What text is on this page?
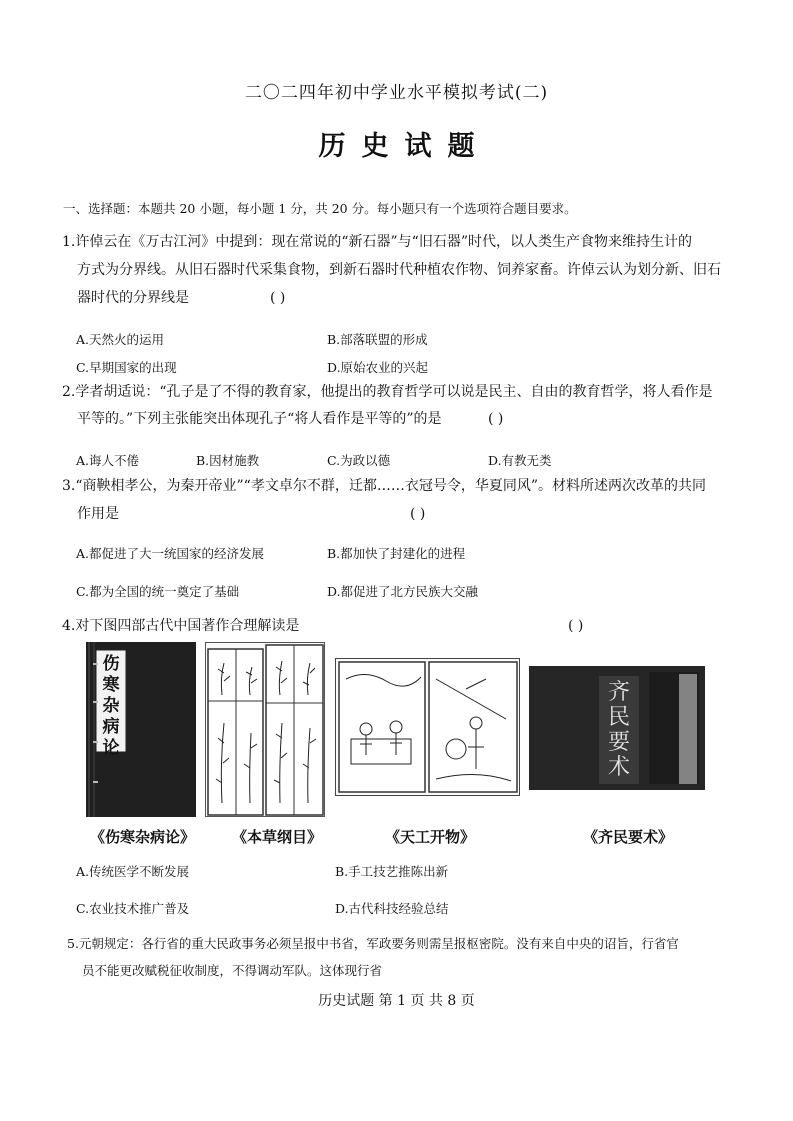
二〇二四年初中学业水平模拟考试(二)
历史试题
一、选择题：本题共 20 小题，每小题 1 分，共 20 分。每小题只有一个选项符合题目要求。
1.许倬云在《万古江河》中提到：现在常说的“新石器”与“旧石器”时代，以人类生产食物来维持生计的
方式为分界线。从旧石器时代采集食物，到新石器时代种植农作物、饲养家畜。许倬云认为划分新、旧石
器时代的分界线是	( )
A.天然火的运用	B.部落联盟的形成
C.早期国家的出现	D.原始农业的兴起
2.学者胡适说：“孔子是了不得的教育家，他提出的教育哲学可以说是民主、自由的教育哲学，将人看作是
平等的。”下列主张能突出体现孔子“将人看作是平等的”的是	( )
A.诲人不倦	B.因材施教	C.为政以德	D.有教无类
3.“商鞅相孝公，为秦开帝业”“孝文卓尔不群，迁都……衣冠号令，华夏同风”。材料所述两次改革的共同
作用是	( )
A.都促进了大一统国家的经济发展	B.都加快了封建化的进程
C.都为全国的统一奠定了基础	D.都促进了北方民族大交融
4.对下图四部古代中国著作合理解读是	( )
伤寒杂病论
齐民要术
《伤寒杂病论》 《本草纲目》	《天工开物》	《齐民要术》
A.传统医学不断发展	B.手工技艺推陈出新
C.农业技术推广普及	D.古代科技经验总结
5.元朝规定：各行省的重大民政事务必须呈报中书省，军政要务则需呈报枢密院。没有来自中央的诏旨，行省官
员不能更改赋税征收制度，不得调动军队。这体现行省
历史试题 第 1 页 共 8 页
